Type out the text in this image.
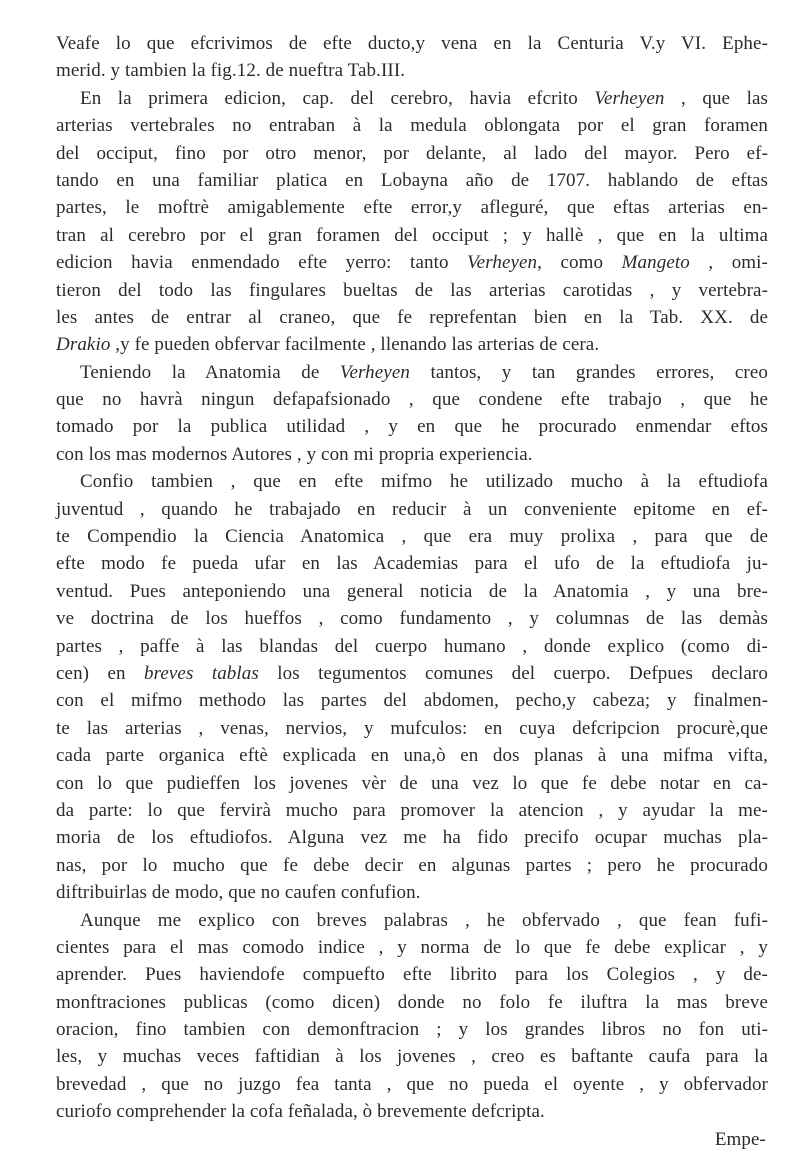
Veafe lo que efcrivimos de efte ducto,y vena en la Centuria V.y VI. Ephe-
merid. y tambien la fig.12. de nueftra Tab.III.
En la primera edicion, cap. del cerebro, havia efcrito Verheyen , que las
arterias vertebrales no entraban à la medula oblongata por el gran foramen
del occiput, fino por otro menor, por delante, al lado del mayor. Pero ef-
tando en una familiar platica en Lobayna año de 1707. hablando de eftas
partes, le moftrè amigablemente efte error,y afleguré, que eftas arterias en-
tran al cerebro por el gran foramen del occiput ; y hallè , que en la ultima
edicion havia enmendado efte yerro: tanto Verheyen, como Mangeto , omi-
tieron del todo las fingulares bueltas de las arterias carotidas , y vertebra-
les antes de entrar al craneo, que fe reprefentan bien en la Tab. XX. de
Drakio ,y fe pueden obfervar facilmente , llenando las arterias de cera.
Teniendo la Anatomia de Verheyen tantos, y tan grandes errores, creo
que no havrà ningun defapafsionado , que condene efte trabajo , que he
tomado por la publica utilidad , y en que he procurado enmendar eftos
con los mas modernos Autores , y con mi propria experiencia.
Confio tambien , que en efte mifmo he utilizado mucho à la eftudiofa
juventud , quando he trabajado en reducir à un conveniente epitome en ef-
te Compendio la Ciencia Anatomica , que era muy prolixa , para que de
efte modo fe pueda ufar en las Academias para el ufo de la eftudiofa ju-
ventud. Pues anteponiendo una general noticia de la Anatomia , y una bre-
ve doctrina de los hueffos , como fundamento , y columnas de las demàs
partes , paffe à las blandas del cuerpo humano , donde explico (como di-
cen) en breves tablas los tegumentos comunes del cuerpo. Defpues declaro
con el mifmo methodo las partes del abdomen, pecho,y cabeza; y finalmen-
te las arterias , venas, nervios, y mufculos: en cuya defcripcion procurè,que
cada parte organica eftè explicada en una,ò en dos planas à una mifma vifta,
con lo que pudieffen los jovenes vèr de una vez lo que fe debe notar en ca-
da parte: lo que fervirà mucho para promover la atencion , y ayudar la me-
moria de los eftudiofos. Alguna vez me ha fido precifo ocupar muchas pla-
nas, por lo mucho que fe debe decir en algunas partes ; pero he procurado
diftribuirlas de modo, que no caufen confufion.
Aunque me explico con breves palabras , he obfervado , que fean fufi-
cientes para el mas comodo indice , y norma de lo que fe debe explicar , y
aprender. Pues haviendofe compuefto efte librito para los Colegios , y de-
monftraciones publicas (como dicen) donde no folo fe iluftra la mas breve
oracion, fino tambien con demonftracion ; y los grandes libros no fon uti-
les, y muchas veces faftidian à los jovenes , creo es baftante caufa para la
brevedad , que no juzgo fea tanta , que no pueda el oyente , y obfervador
curiofo comprehender la cofa feñalada, ò brevemente defcripta.
Empe-
